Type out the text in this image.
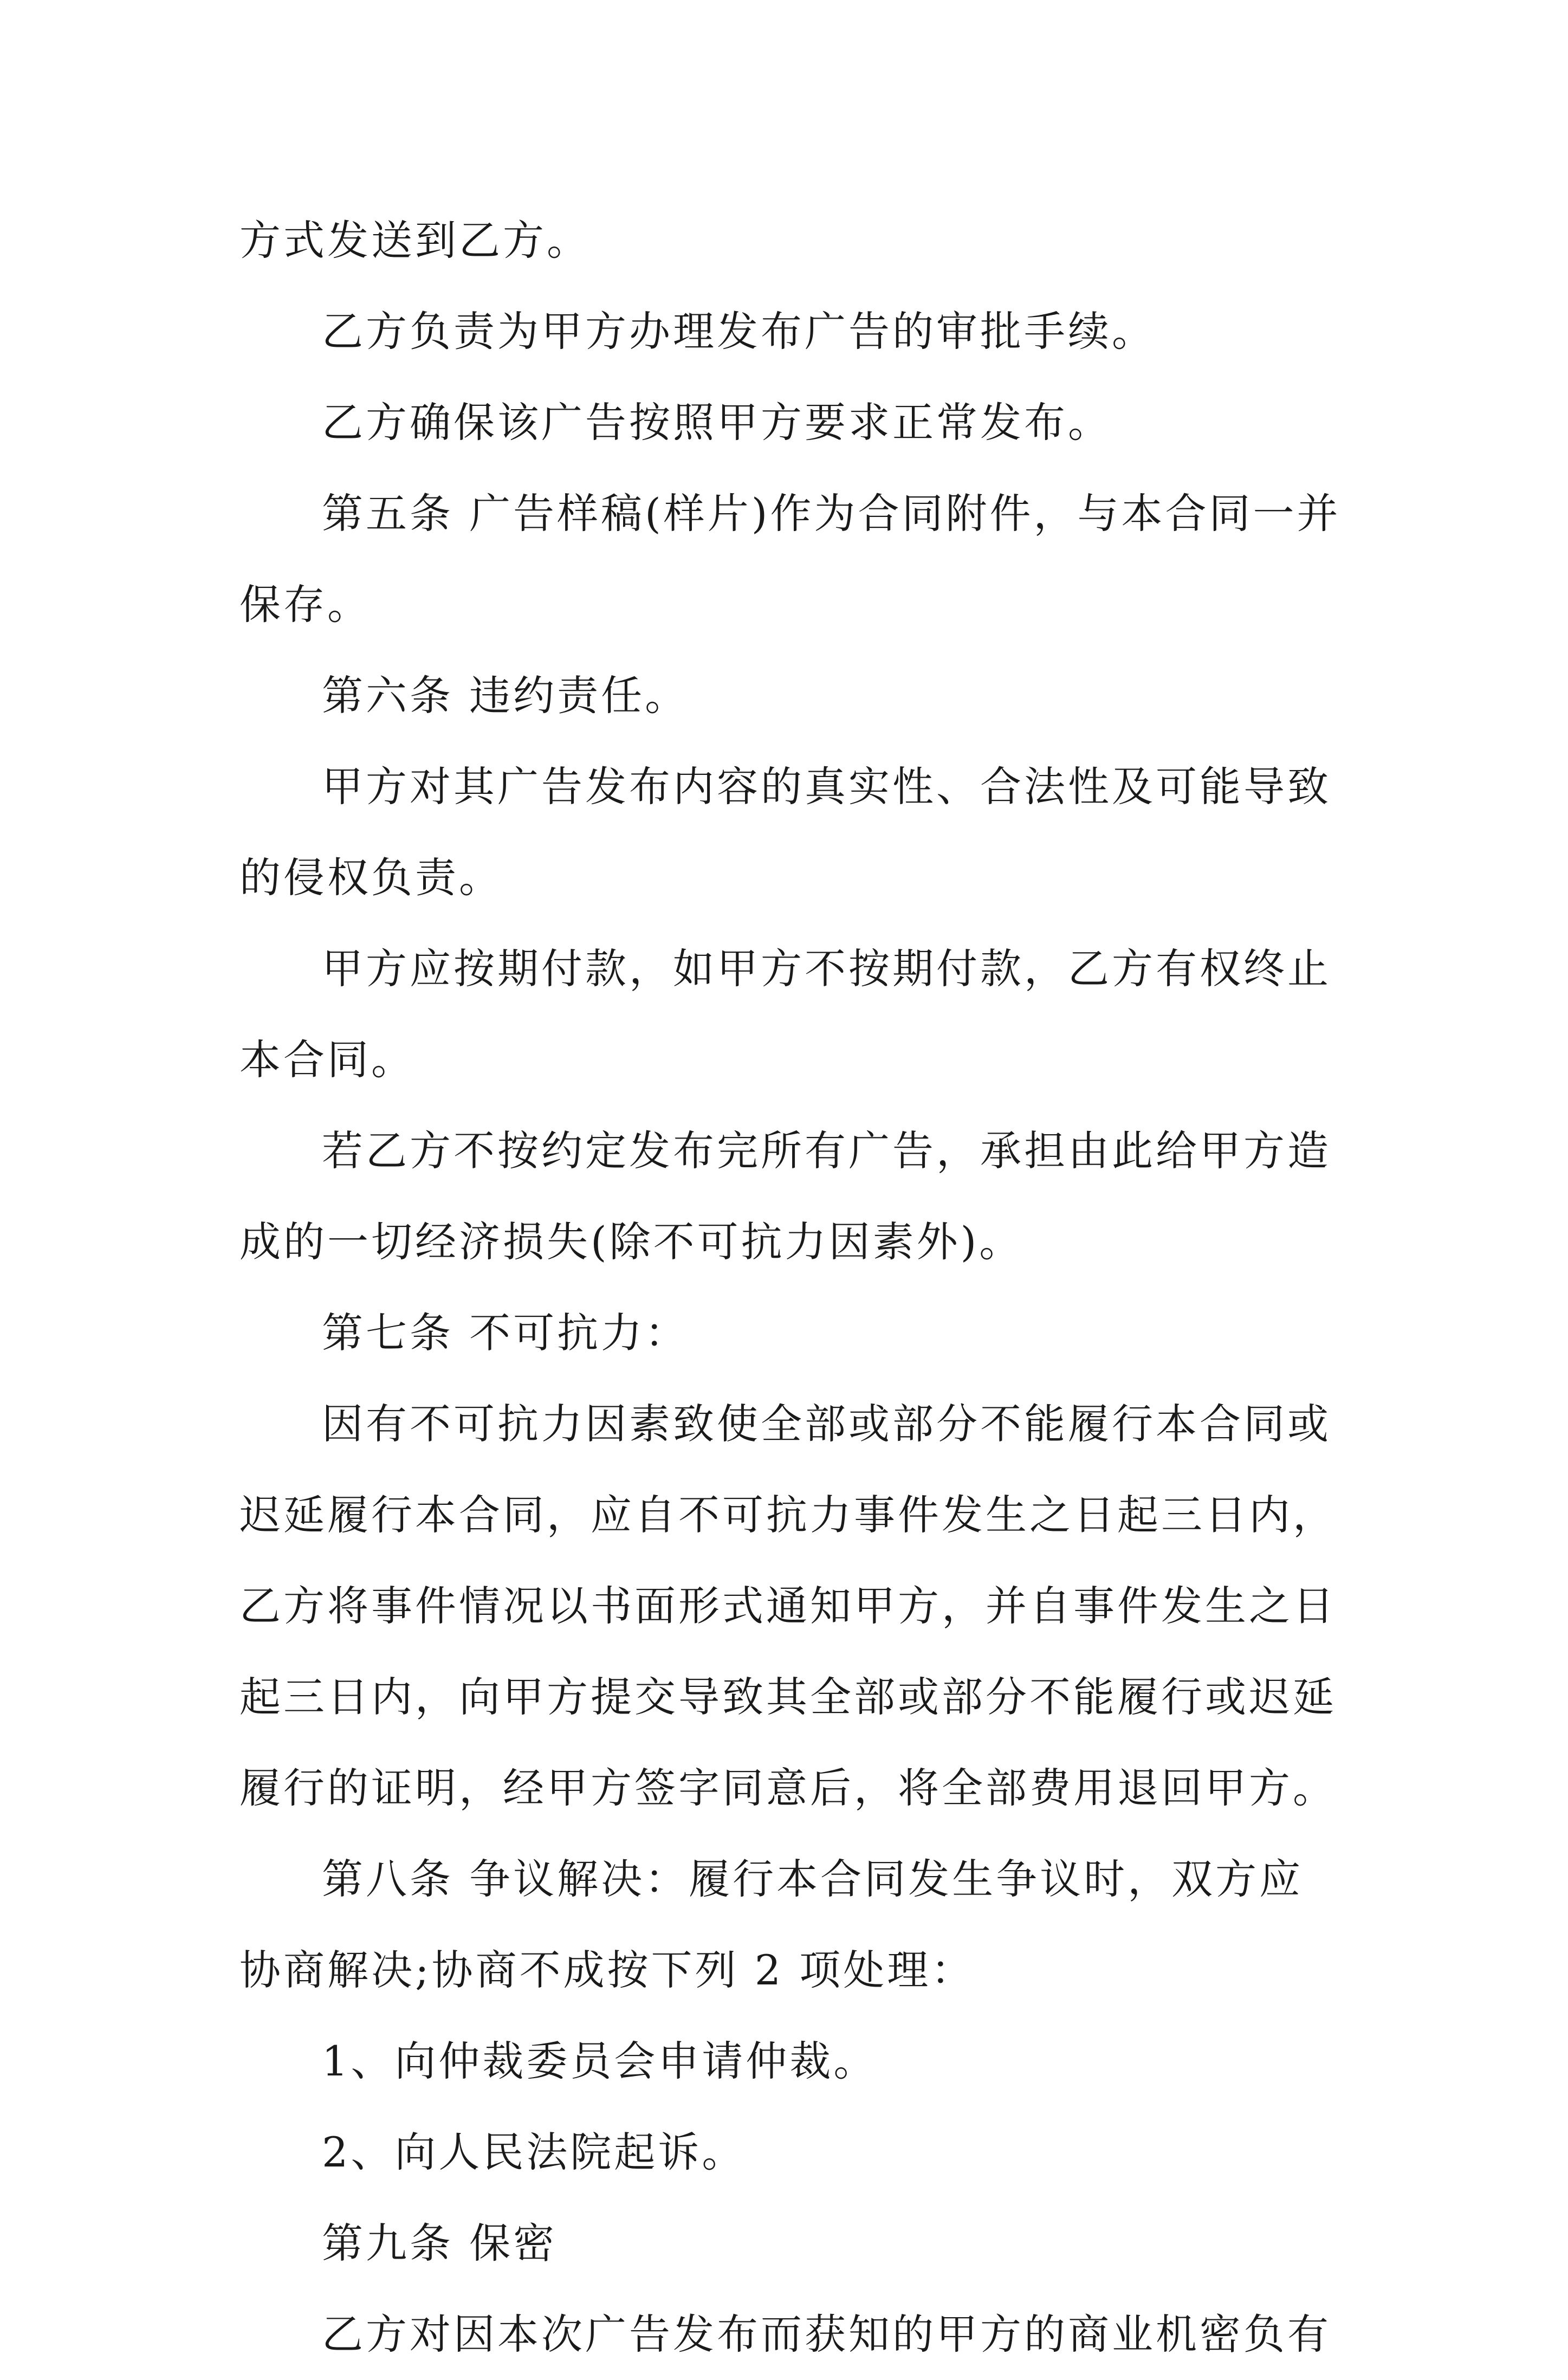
方式发送到乙方。

乙方负责为甲方办理发布广告的审批手续。

乙方确保该广告按照甲方要求正常发布。

第五条 广告样稿(样片)作为合同附件，与本合同一并保存。

第六条 违约责任。

甲方对其广告发布内容的真实性、合法性及可能导致的侵权负责。

甲方应按期付款，如甲方不按期付款，乙方有权终止本合同。

若乙方不按约定发布完所有广告，承担由此给甲方造成的一切经济损失(除不可抗力因素外)。

第七条 不可抗力：

因有不可抗力因素致使全部或部分不能履行本合同或迟延履行本合同，应自不可抗力事件发生之日起三日内，乙方将事件情况以书面形式通知甲方，并自事件发生之日起三日内，向甲方提交导致其全部或部分不能履行或迟延履行的证明，经甲方签字同意后，将全部费用退回甲方。

第八条 争议解决：履行本合同发生争议时，双方应协商解决;协商不成按下列 2 项处理：

1、向仲裁委员会申请仲裁。

2、向人民法院起诉。

第九条 保密

乙方对因本次广告发布而获知的甲方的商业机密负有
